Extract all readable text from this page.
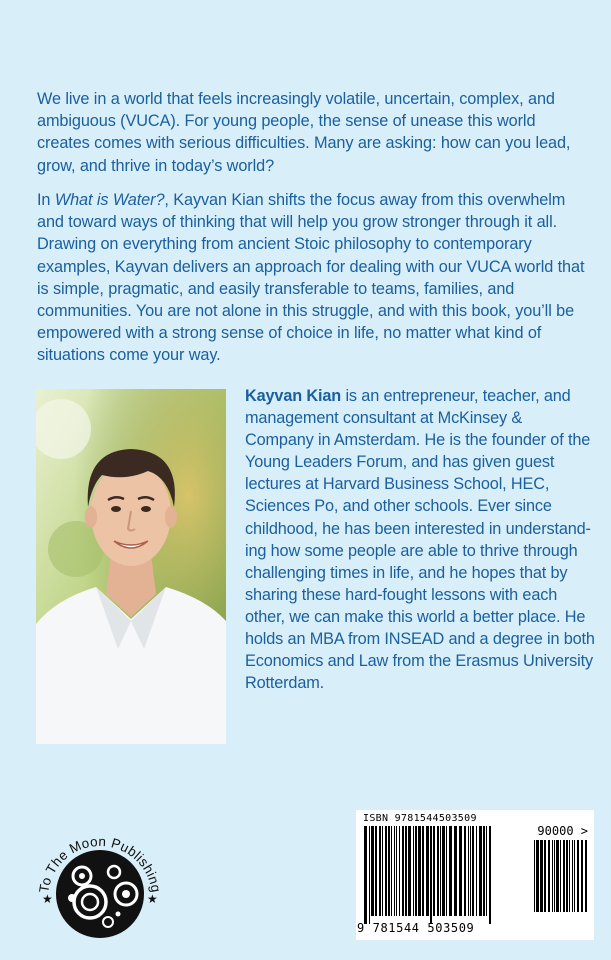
We live in a world that feels increasingly volatile, uncertain, complex, and ambiguous (VUCA). For young people, the sense of unease this world creates comes with serious difficulties. Many are asking: how can you lead, grow, and thrive in today’s world?

In What is Water?, Kayvan Kian shifts the focus away from this overwhelm and toward ways of thinking that will help you grow stronger through it all. Drawing on everything from ancient Stoic philosophy to contemporary examples, Kayvan delivers an approach for dealing with our VUCA world that is simple, pragmatic, and easily transferable to teams, families, and communities. You are not alone in this struggle, and with this book, you’ll be empowered with a strong sense of choice in life, no matter what kind of situations come your way.

Kayvan Kian is an entrepreneur, teacher, and management consultant at McKinsey & Company in Amsterdam. He is the founder of the Young Leaders Forum, and has given guest lectures at Harvard Business School, HEC, Sciences Po, and other schools. Ever since childhood, he has been interested in understanding how some people are able to thrive through challenging times in life, and he hopes that by sharing these hard-fought lessons with each other, we can make this world a better place. He holds an MBA from INSEAD and a degree in both Economics and Law from the Erasmus University Rotterdam.

To The Moon Publishing
★	★
ISBN 9781544503509
90000 >
9 781544 503509
